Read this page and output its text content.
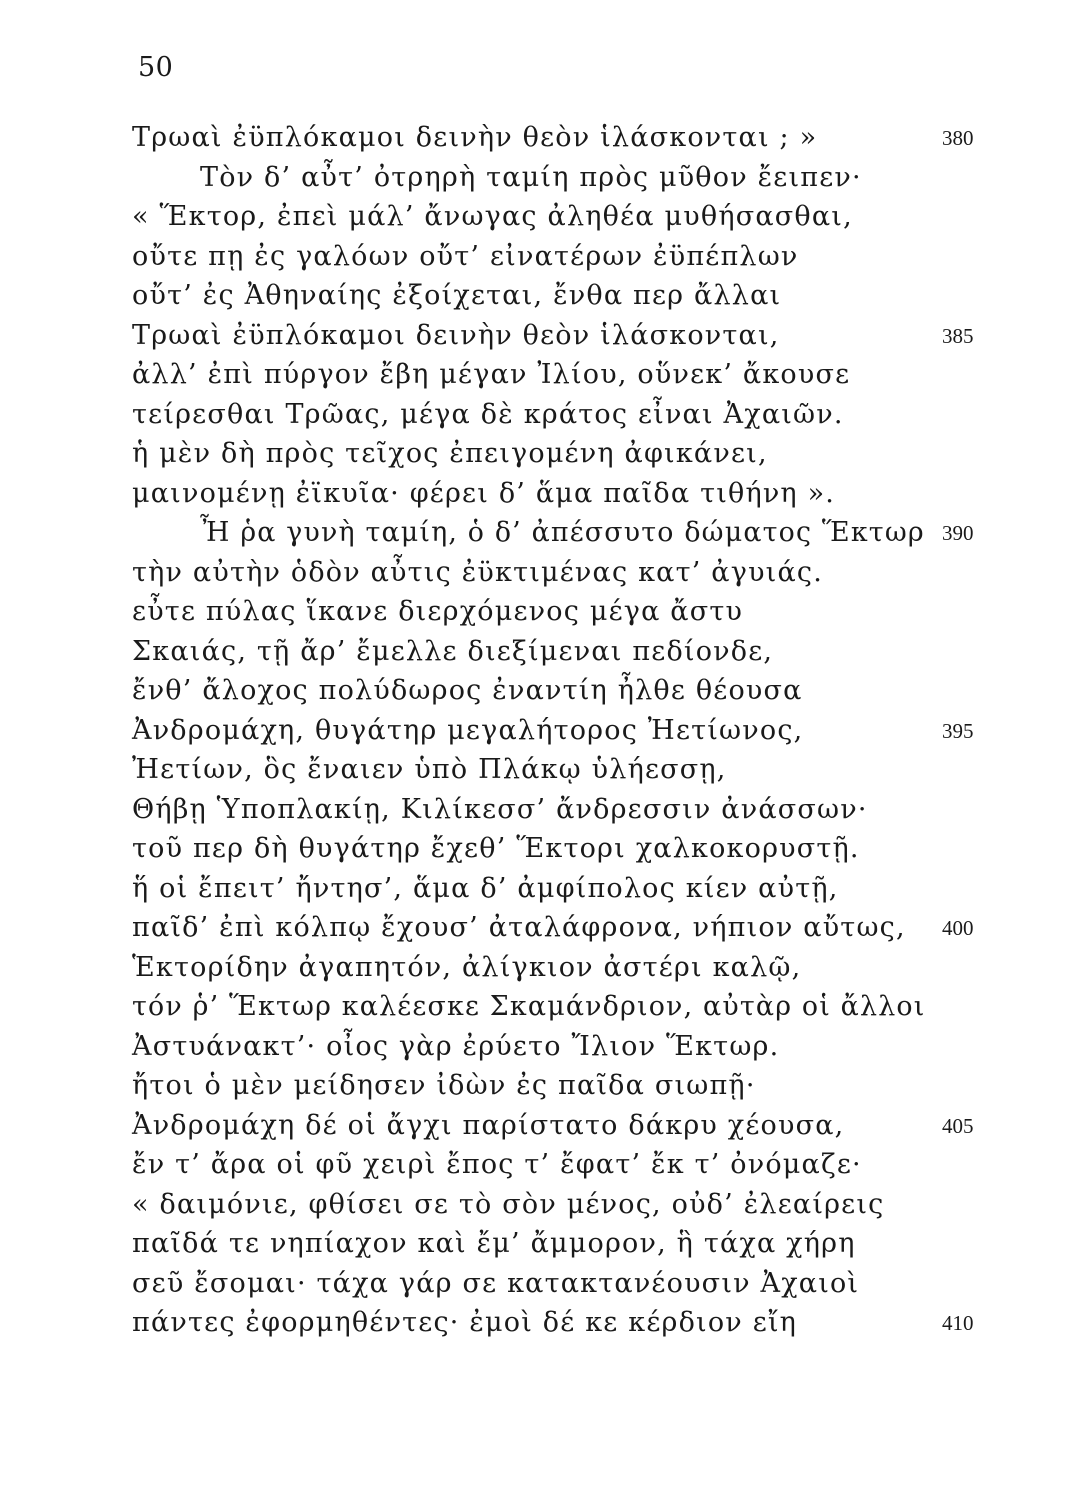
50
Τρωαὶ ἐϋπλόκαμοι δεινὴν θεὸν ἱλάσκονται ; »	380
Τὸν δ’ αὖτ’ ὀτρηρὴ ταμίη πρὸς μῦθον ἔειπεν·
« Ἕκτορ, ἐπεὶ μάλ’ ἄνωγας ἀληθέα μυθήσασθαι,
οὔτε πῃ ἐς γαλόων οὔτ’ εἰνατέρων ἐϋπέπλων
οὔτ’ ἐς Ἀθηναίης ἐξοίχεται, ἔνθα περ ἄλλαι
Τρωαὶ ἐϋπλόκαμοι δεινὴν θεὸν ἱλάσκονται,	385
ἀλλ’ ἐπὶ πύργον ἔβη μέγαν Ἰλίου, οὕνεκ’ ἄκουσε
τείρεσθαι Τρῶας, μέγα δὲ κράτος εἶναι Ἀχαιῶν.
ἡ μὲν δὴ πρὸς τεῖχος ἐπειγομένη ἀφικάνει,
μαινομένῃ ἐϊκυῖα· φέρει δ’ ἅμα παῖδα τιθήνη ».
Ἦ ῥα γυνὴ ταμίη, ὁ δ’ ἀπέσσυτο δώματος Ἕκτωρ 390
τὴν αὐτὴν ὁδὸν αὖτις ἐϋκτιμένας κατ’ ἀγυιάς.
εὖτε πύλας ἵκανε διερχόμενος μέγα ἄστυ
Σκαιάς, τῇ ἄρ’ ἔμελλε διεξίμεναι πεδίονδε,
ἔνθ’ ἄλοχος πολύδωρος ἐναντίη ἦλθε θέουσα
Ἀνδρομάχη, θυγάτηρ μεγαλήτορος Ἠετίωνος,	395
Ἠετίων, ὃς ἔναιεν ὑπὸ Πλάκῳ ὑλήεσσῃ,
Θήβῃ Ὑποπλακίῃ, Κιλίκεσσ’ ἄνδρεσσιν ἀνάσσων·
τοῦ περ δὴ θυγάτηρ ἔχεθ’ Ἕκτορι χαλκοκορυστῇ.
ἥ οἱ ἔπειτ’ ἤντησ’, ἅμα δ’ ἀμφίπολος κίεν αὐτῇ,
παῖδ’ ἐπὶ κόλπῳ ἔχουσ’ ἀταλάφρονα, νήπιον αὔτως, 400
Ἑκτορίδην ἀγαπητόν, ἀλίγκιον ἀστέρι καλῷ,
τόν ῥ’ Ἕκτωρ καλέεσκε Σκαμάνδριον, αὐτὰρ οἱ ἄλλοι
Ἀστυάνακτ’· οἶος γὰρ ἐρύετο Ἴλιον Ἕκτωρ.
ἤτοι ὁ μὲν μείδησεν ἰδὼν ἐς παῖδα σιωπῇ·
Ἀνδρομάχη δέ οἱ ἄγχι παρίστατο δάκρυ χέουσα,	405
ἔν τ’ ἄρα οἱ φῦ χειρὶ ἔπος τ’ ἔφατ’ ἔκ τ’ ὀνόμαζε·
« δαιμόνιε, φθίσει σε τὸ σὸν μένος, οὐδ’ ἐλεαίρεις
παῖδά τε νηπίαχον καὶ ἔμ’ ἄμμορον, ἣ τάχα χήρη
σεῦ ἔσομαι· τάχα γάρ σε κατακτανέουσιν Ἀχαιοὶ
πάντες ἐφορμηθέντες· ἐμοὶ δέ κε κέρδιον εἴη	410
